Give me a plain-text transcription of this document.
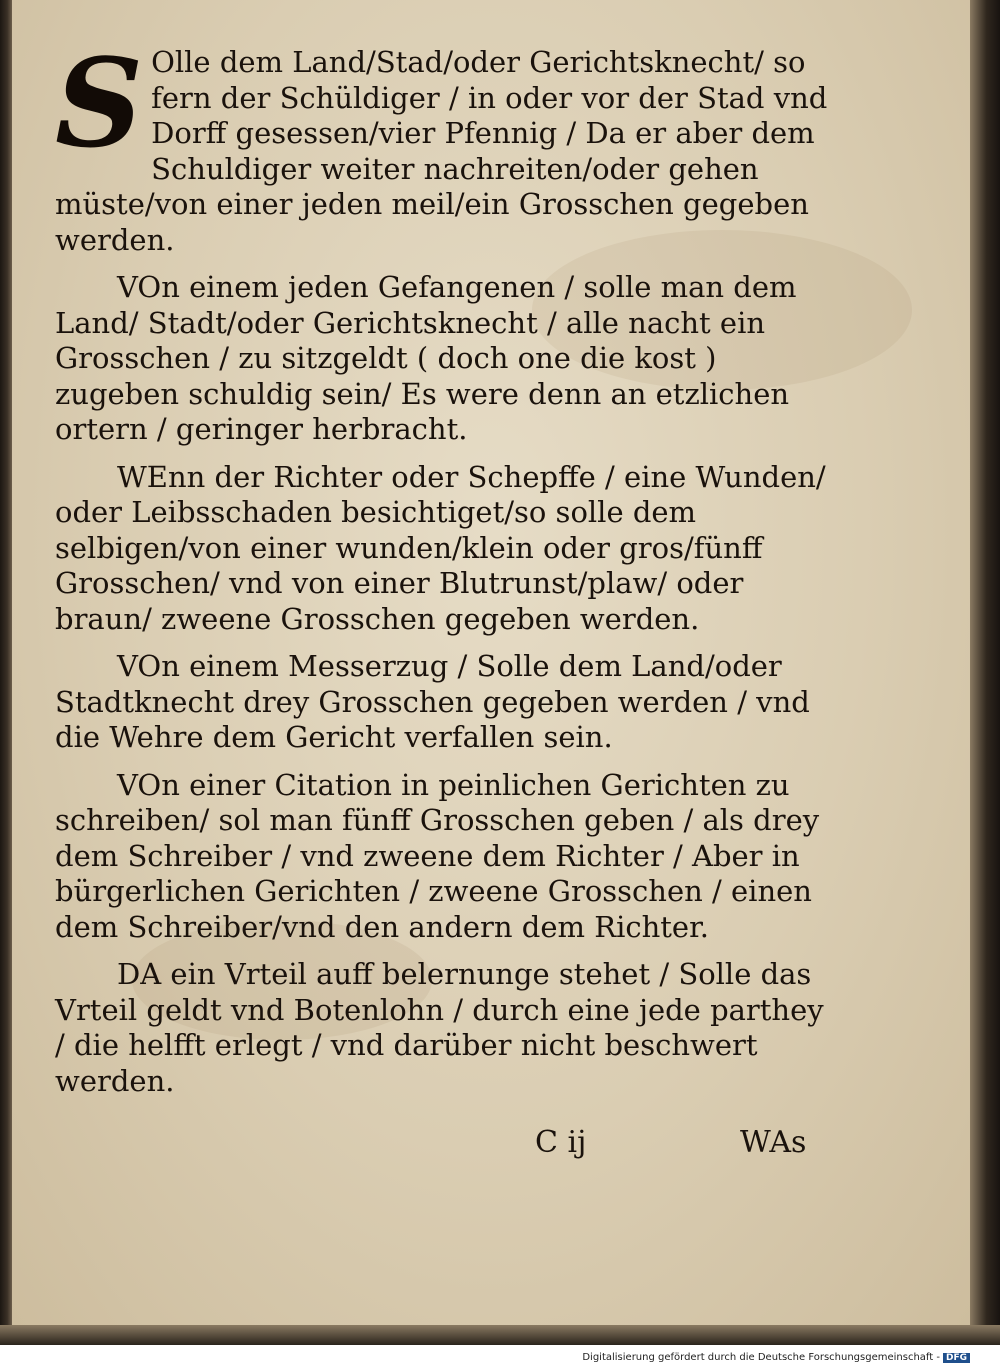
S Olle dem Land/Stad/oder Gerichtsknecht/ so fern der Schüldiger / in oder vor der Stad vnd Dorff gesessen/vier Pfennig / Da er aber dem Schuldiger weiter nachreiten/oder gehen müste/von einer jeden meil/ein Grosschen gegeben werden.

VOn einem jeden Gefangenen / solle man dem Land/ Stadt/oder Gerichtsknecht / alle nacht ein Grosschen / zu sitzgeldt ( doch one die kost ) zugeben schuldig sein/ Es were denn an etzlichen ortern / geringer herbracht.

WEnn der Richter oder Schepffe / eine Wunden/ oder Leibsschaden besichtiget/so solle dem selbigen/von einer wunden/klein oder gros/fünff Grosschen/ vnd von einer Blutrunst/plaw/ oder braun/ zweene Grosschen gegeben werden.

VOn einem Messerzug / Solle dem Land/oder Stadtknecht drey Grosschen gegeben werden / vnd die Wehre dem Gericht verfallen sein.

VOn einer Citation in peinlichen Gerichten zu schreiben/ sol man fünff Grosschen geben / als drey dem Schreiber / vnd zweene dem Richter / Aber in bürgerlichen Gerichten / zweene Grosschen / einen dem Schreiber/vnd den andern dem Richter.

DA ein Vrteil auff belernunge stehet / Solle das Vrteil geldt vnd Botenlohn / durch eine jede parthey / die helfft erlegt / vnd darüber nicht beschwert werden.

C ij	WAs
Digitalisierung gefördert durch die Deutsche Forschungsgemeinschaft - DFG
